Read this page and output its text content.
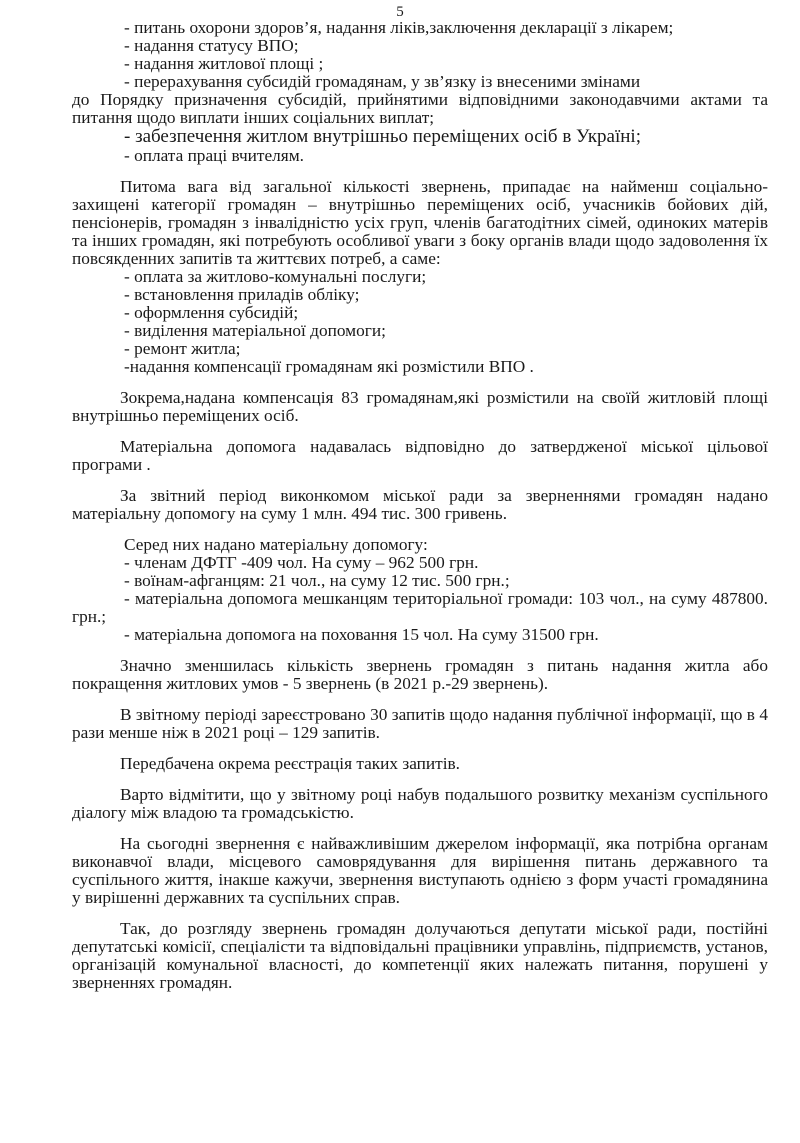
5
- питань охорони здоров’я, надання ліків,заключення декларації з лікарем;
- надання статусу ВПО;
- надання житлової площі ;
- перерахування субсидій громадянам, у зв’язку із внесеними змінами
до Порядку призначення субсидій, прийнятими відповідними законодавчими актами та питання щодо виплати інших соціальних виплат;
- забезпечення житлом внутрішньо переміщених осіб в Україні;
- оплата праці вчителям.
Питома вага від загальної кількості звернень, припадає на найменш соціально-захищені категорії громадян – внутрішньо переміщених осіб, учасників бойових дій, пенсіонерів, громадян з інвалідністю усіх груп, членів багатодітних сімей, одиноких матерів та інших громадян, які потребують особливої уваги з боку органів влади щодо задоволення їх повсякденних запитів та життєвих потреб, а саме:
- оплата за житлово-комунальні послуги;
- встановлення приладів обліку;
- оформлення субсидій;
- виділення матеріальної допомоги;
- ремонт житла;
-надання компенсації громадянам які розмістили ВПО .
Зокрема,надана компенсація 83 громадянам,які розмістили на своїй житловій площі внутрішньо переміщених осіб.
Матеріальна допомога надавалась відповідно до затвердженої міської цільової програми .
За звітний період виконкомом міської ради за зверненнями громадян надано матеріальну допомогу на суму 1 млн. 494 тис. 300 гривень.
Серед них надано матеріальну допомогу:
- членам ДФТГ -409 чол. На суму – 962 500 грн.
- воїнам-афганцям: 21 чол., на суму 12 тис. 500 грн.;
- матеріальна допомога мешканцям територіальної громади: 103 чол., на суму 487800. грн.;
- матеріальна допомога на поховання 15 чол. На суму 31500 грн.
Значно зменшилась кількість звернень громадян з питань надання житла або покращення житлових умов - 5 звернень (в 2021 р.-29 звернень).
В звітному періоді зареєстровано 30 запитів щодо надання публічної інформації, що в 4 рази менше ніж в 2021 році – 129 запитів.
Передбачена окрема реєстрація таких запитів.
Варто відмітити, що у звітному році набув подальшого розвитку механізм суспільного діалогу між владою та громадськістю.
На сьогодні звернення є найважливішим джерелом інформації, яка потрібна органам виконавчої влади, місцевого самоврядування для вирішення питань державного та суспільного життя, інакше кажучи, звернення виступають однією з форм участі громадянина у вирішенні державних та суспільних справ.
Так, до розгляду звернень громадян долучаються депутати міської ради, постійні депутатські комісії, спеціалісти та відповідальні працівники управлінь, підприємств, установ, організацій комунальної власності, до компетенції яких належать питання, порушені у зверненнях громадян.
